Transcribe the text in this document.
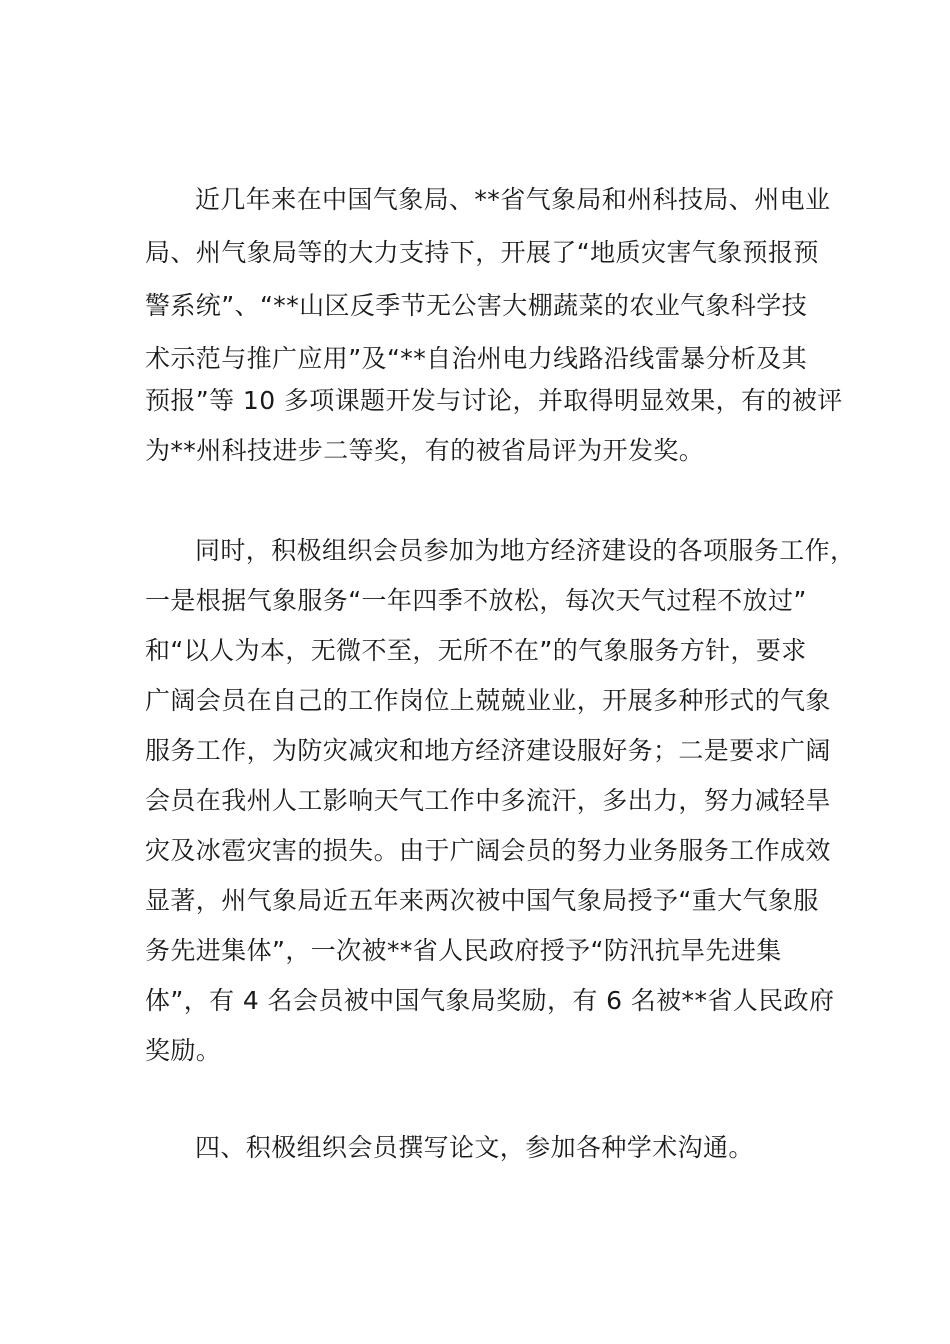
近几年来在中国气象局、**省气象局和州科技局、州电业
局、州气象局等的大力支持下，开展了“地质灾害气象预报预
警系统”、“**山区反季节无公害大棚蔬菜的农业气象科学技
术示范与推广应用”及“**自治州电力线路沿线雷暴分析及其
预报”等 10 多项课题开发与讨论，并取得明显效果，有的被评
为**州科技进步二等奖，有的被省局评为开发奖。
同时，积极组织会员参加为地方经济建设的各项服务工作，
一是根据气象服务“一年四季不放松，每次天气过程不放过”
和“以人为本，无微不至，无所不在”的气象服务方针，要求
广阔会员在自己的工作岗位上兢兢业业，开展多种形式的气象
服务工作，为防灾减灾和地方经济建设服好务；二是要求广阔
会员在我州人工影响天气工作中多流汗，多出力，努力减轻旱
灾及冰雹灾害的损失。由于广阔会员的努力业务服务工作成效
显著，州气象局近五年来两次被中国气象局授予“重大气象服
务先进集体”，一次被**省人民政府授予“防汛抗旱先进集
体”，有 4 名会员被中国气象局奖励，有 6 名被**省人民政府
奖励。
四、积极组织会员撰写论文，参加各种学术沟通。
